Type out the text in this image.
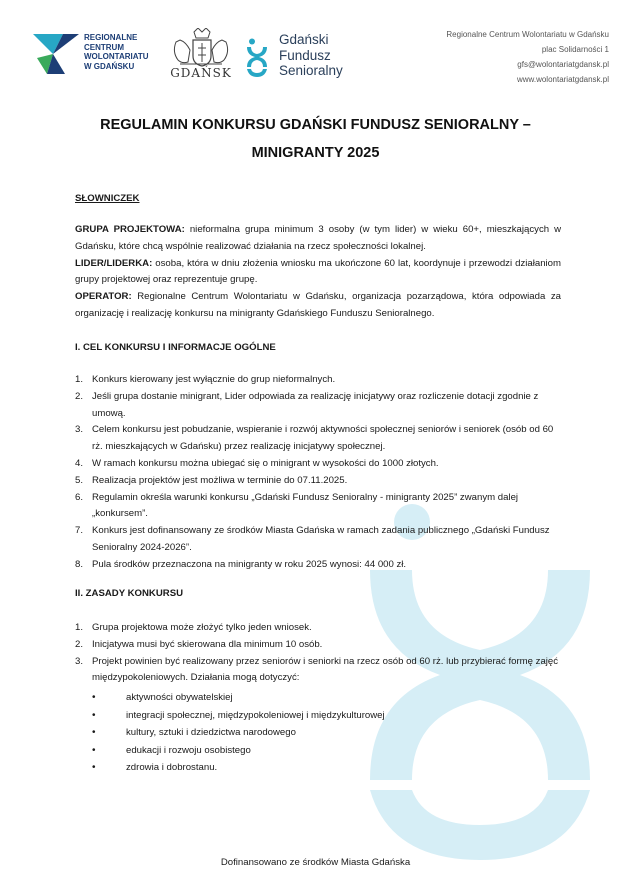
REGIONALNE
CENTRUM
WOLONTARIATU
W GDAŃSKU	GDAŃSK
Gdański
Fundusz
Senioralny
Regionalne Centrum Wolontariatu w Gdańsku
plac Solidarności 1
gfs@wolontariatgdansk.pl
www.wolontariatgdansk.pl
REGULAMIN KONKURSU GDAŃSKI FUNDUSZ SENIORALNY –
MINIGRANTY 2025
SŁOWNICZEK
GRUPA PROJEKTOWA: nieformalna grupa minimum 3 osoby (w tym lider) w wieku 60+, mieszkających w Gdańsku, które chcą wspólnie realizować działania na rzecz społeczności lokalnej.
LIDER/LIDERKA: osoba, która w dniu złożenia wniosku ma ukończone 60 lat, koordynuje i przewodzi działaniom grupy projektowej oraz reprezentuje grupę.
OPERATOR: Regionalne Centrum Wolontariatu w Gdańsku, organizacja pozarządowa, która odpowiada za organizację i realizację konkursu na minigranty Gdańskiego Funduszu Senioralnego.
I. CEL KONKURSU I INFORMACJE OGÓLNE
1. Konkurs kierowany jest wyłącznie do grup nieformalnych.
2. Jeśli grupa dostanie minigrant, Lider odpowiada za realizację inicjatywy oraz rozliczenie dotacji zgodnie z umową.
3. Celem konkursu jest pobudzanie, wspieranie i rozwój aktywności społecznej seniorów i seniorek (osób od 60 rż. mieszkających w Gdańsku) przez realizację inicjatywy społecznej.
4. W ramach konkursu można ubiegać się o minigrant w wysokości do 1000 złotych.
5. Realizacja projektów jest możliwa w terminie do 07.11.2025.
6. Regulamin określa warunki konkursu „Gdański Fundusz Senioralny - minigranty 2025” zwanym dalej „konkursem”.
7. Konkurs jest dofinansowany ze środków Miasta Gdańska w ramach zadania publicznego „Gdański Fundusz Senioralny 2024-2026”.
8. Pula środków przeznaczona na minigranty w roku 2025 wynosi: 44 000 zł.
II. ZASADY KONKURSU
1. Grupa projektowa może złożyć tylko jeden wniosek.
2. Inicjatywa musi być skierowana dla minimum 10 osób.
3. Projekt powinien być realizowany przez seniorów i seniorki na rzecz osób od 60 rż. lub przybierać formę zajęć międzypokoleniowych. Działania mogą dotyczyć:
•	aktywności obywatelskiej
•	integracji społecznej, międzypokoleniowej i międzykulturowej
•	kultury, sztuki i dziedzictwa narodowego
•	edukacji i rozwoju osobistego
•	zdrowia i dobrostanu.
Dofinansowano ze środków Miasta Gdańska
